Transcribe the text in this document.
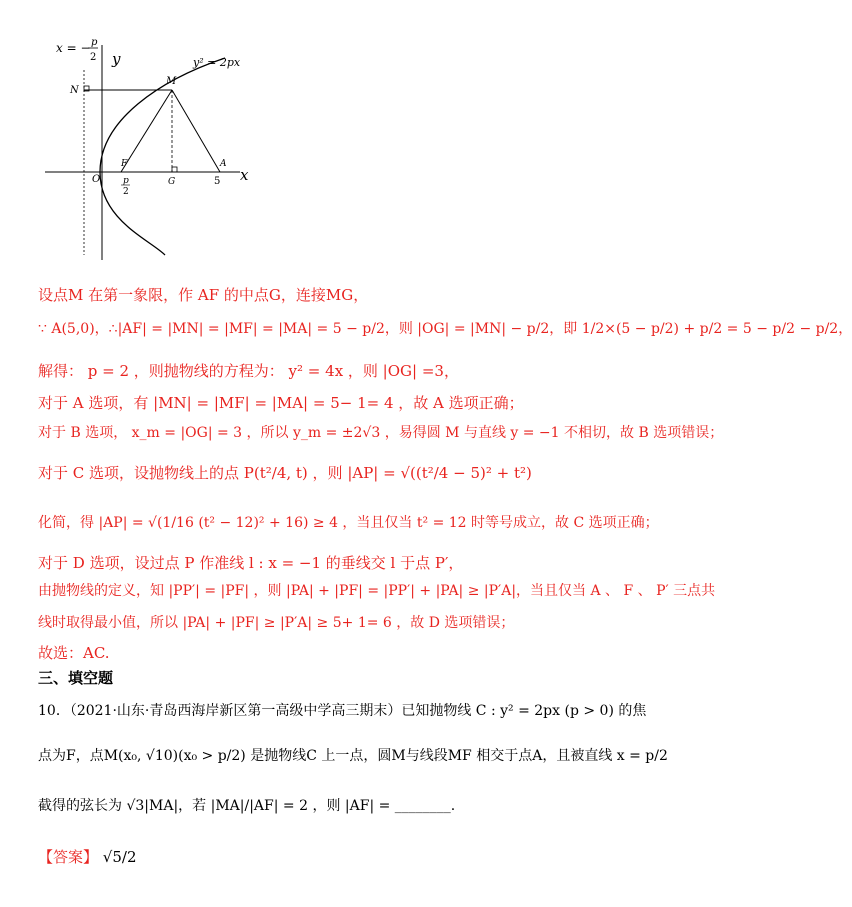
x = − p
2 y
x
y² = 2px
N
M
O
F
p
2
G
A
5
设点M 在第一象限，作 AF 的中点G，连接MG，
∵ A(5,0)，∴|AF| = |MN| = |MF| = |MA| = 5 − p/2，则 |OG| = |MN| − p/2，即 1/2×(5 − p/2) + p/2 = 5 − p/2 − p/2，
解得： p = 2 ，则抛物线的方程为： y² = 4x ，则 |OG| =3，
对于 A 选项，有 |MN| = |MF| = |MA| = 5− 1= 4 ，故 A 选项正确；
对于 B 选项， x_m = |OG| = 3 ，所以 y_m = ±2√3 ，易得圆 M 与直线 y = −1 不相切，故 B 选项错误；
对于 C 选项，设抛物线上的点 P(t²/4, t) ，则 |AP| = √((t²/4 − 5)² + t²)
化简，得 |AP| = √(1/16 (t² − 12)² + 16) ≥ 4 ，当且仅当 t² = 12 时等号成立，故 C 选项正确；
对于 D 选项，设过点 P 作准线 l : x = −1 的垂线交 l 于点 P′，
由抛物线的定义，知 |PP′| = |PF| ，则 |PA| + |PF| = |PP′| + |PA| ≥ |P′A|，当且仅当 A 、 F 、 P′ 三点共
线时取得最小值，所以 |PA| + |PF| ≥ |P′A| ≥ 5+ 1= 6 ，故 D 选项错误；
故选：AC.
三、填空题
10．（2021·山东·青岛西海岸新区第一高级中学高三期末）已知抛物线 C : y² = 2px (p > 0) 的焦
点为F，点M(x₀, √10)(x₀ > p/2) 是抛物线C 上一点，圆M与线段MF 相交于点A，且被直线 x = p/2
截得的弦长为 √3|MA|，若 |MA|/|AF| = 2 ，则 |AF| = ________.
【答案】 √5/2
